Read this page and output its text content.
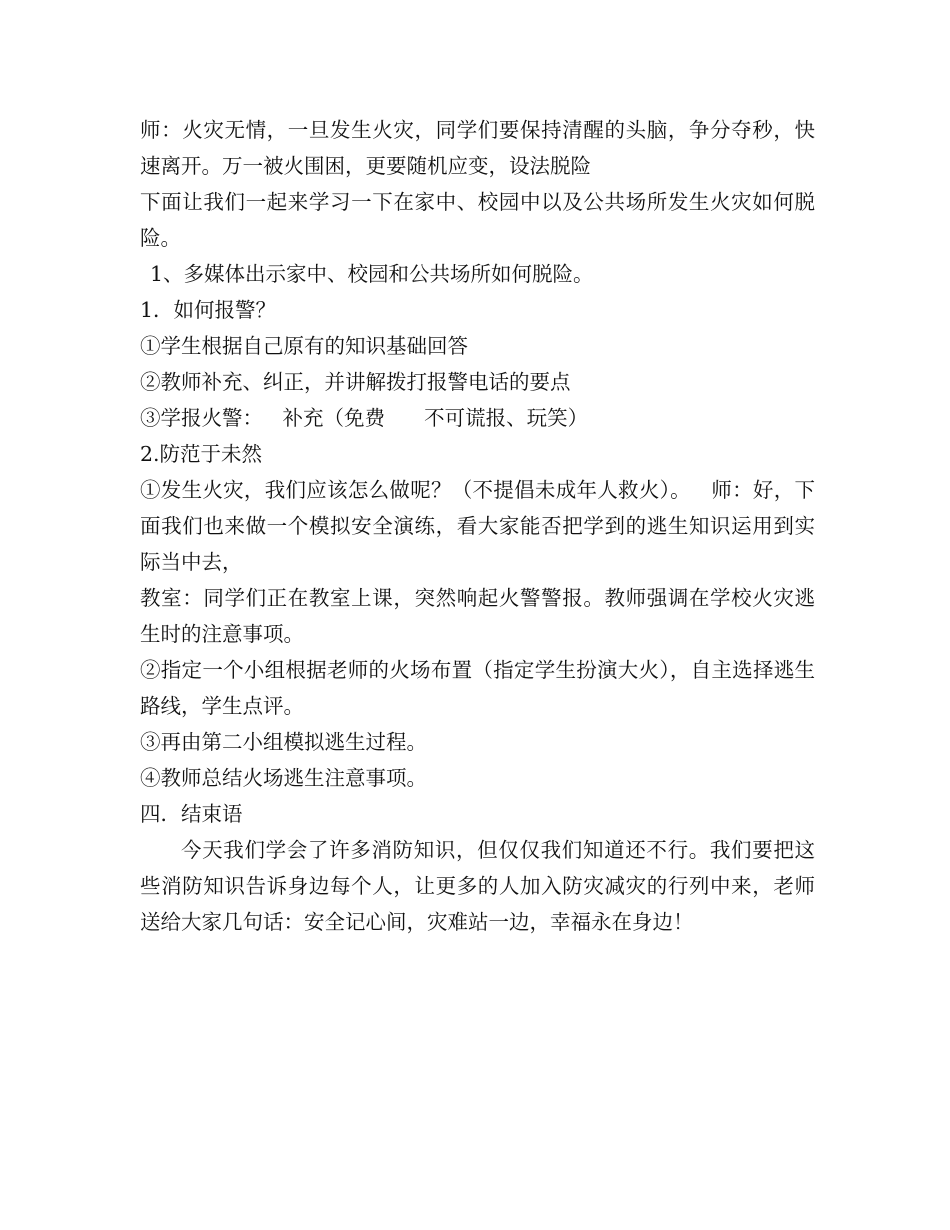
师：火灾无情，一旦发生火灾，同学们要保持清醒的头脑，争分夺秒，快速离开。万一被火围困，更要随机应变，设法脱险

下面让我们一起来学习一下在家中、校园中以及公共场所发生火灾如何脱险。

1、多媒体出示家中、校园和公共场所如何脱险。

1．如何报警？

①学生根据自己原有的知识基础回答

②教师补充、纠正，并讲解拨打报警电话的要点

③学报火警：   补充（免费      不可谎报、玩笑）

2.防范于未然

①发生火灾，我们应该怎么做呢？（不提倡未成年人救火）。   师：好，下面我们也来做一个模拟安全演练，看大家能否把学到的逃生知识运用到实际当中去，

教室：同学们正在教室上课，突然响起火警警报。教师强调在学校火灾逃生时的注意事项。

②指定一个小组根据老师的火场布置（指定学生扮演大火），自主选择逃生路线，学生点评。

③再由第二小组模拟逃生过程。

④教师总结火场逃生注意事项。

四．结束语

今天我们学会了许多消防知识，但仅仅我们知道还不行。我们要把这些消防知识告诉身边每个人，让更多的人加入防灾减灾的行列中来，老师送给大家几句话：安全记心间，灾难站一边，幸福永在身边！
